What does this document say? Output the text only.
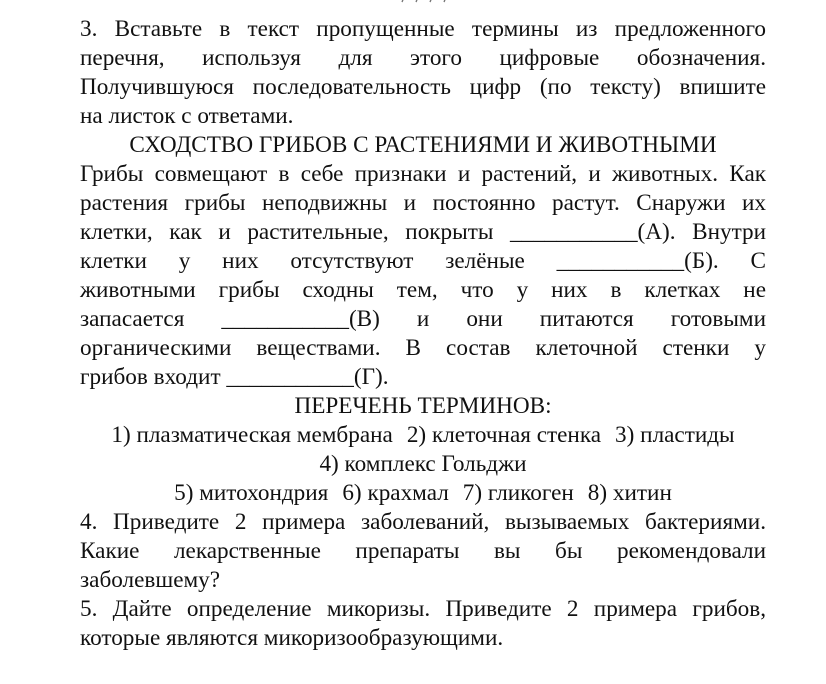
3. Вставьте в текст пропущенные термины из предложенного
перечня, используя для этого цифровые обозначения.
Получившуюся последовательность цифр (по тексту) впишите
на листок с ответами.
СХОДСТВО ГРИБОВ С РАСТЕНИЯМИ И ЖИВОТНЫМИ
Грибы совмещают в себе признаки и растений, и животных. Как
растения грибы неподвижны и постоянно растут. Снаружи их
клетки, как и растительные, покрыты ___________(А). Внутри
клетки у них отсутствуют зелёные ___________(Б). С
животными грибы сходны тем, что у них в клетках не
запасается ___________(В) и они питаются готовыми
органическими веществами. В состав клеточной стенки у
грибов входит ___________(Г).
ПЕРЕЧЕНЬ ТЕРМИНОВ:
1) плазматическая мембрана 2) клеточная стенка 3) пластиды
4) комплекс Гольджи
5) митохондрия 6) крахмал 7) гликоген 8) хитин
4. Приведите 2 примера заболеваний, вызываемых бактериями.
Какие лекарственные препараты вы бы рекомендовали
заболевшему?
5. Дайте определение микоризы. Приведите 2 примера грибов,
которые являются микоризообразующими.
